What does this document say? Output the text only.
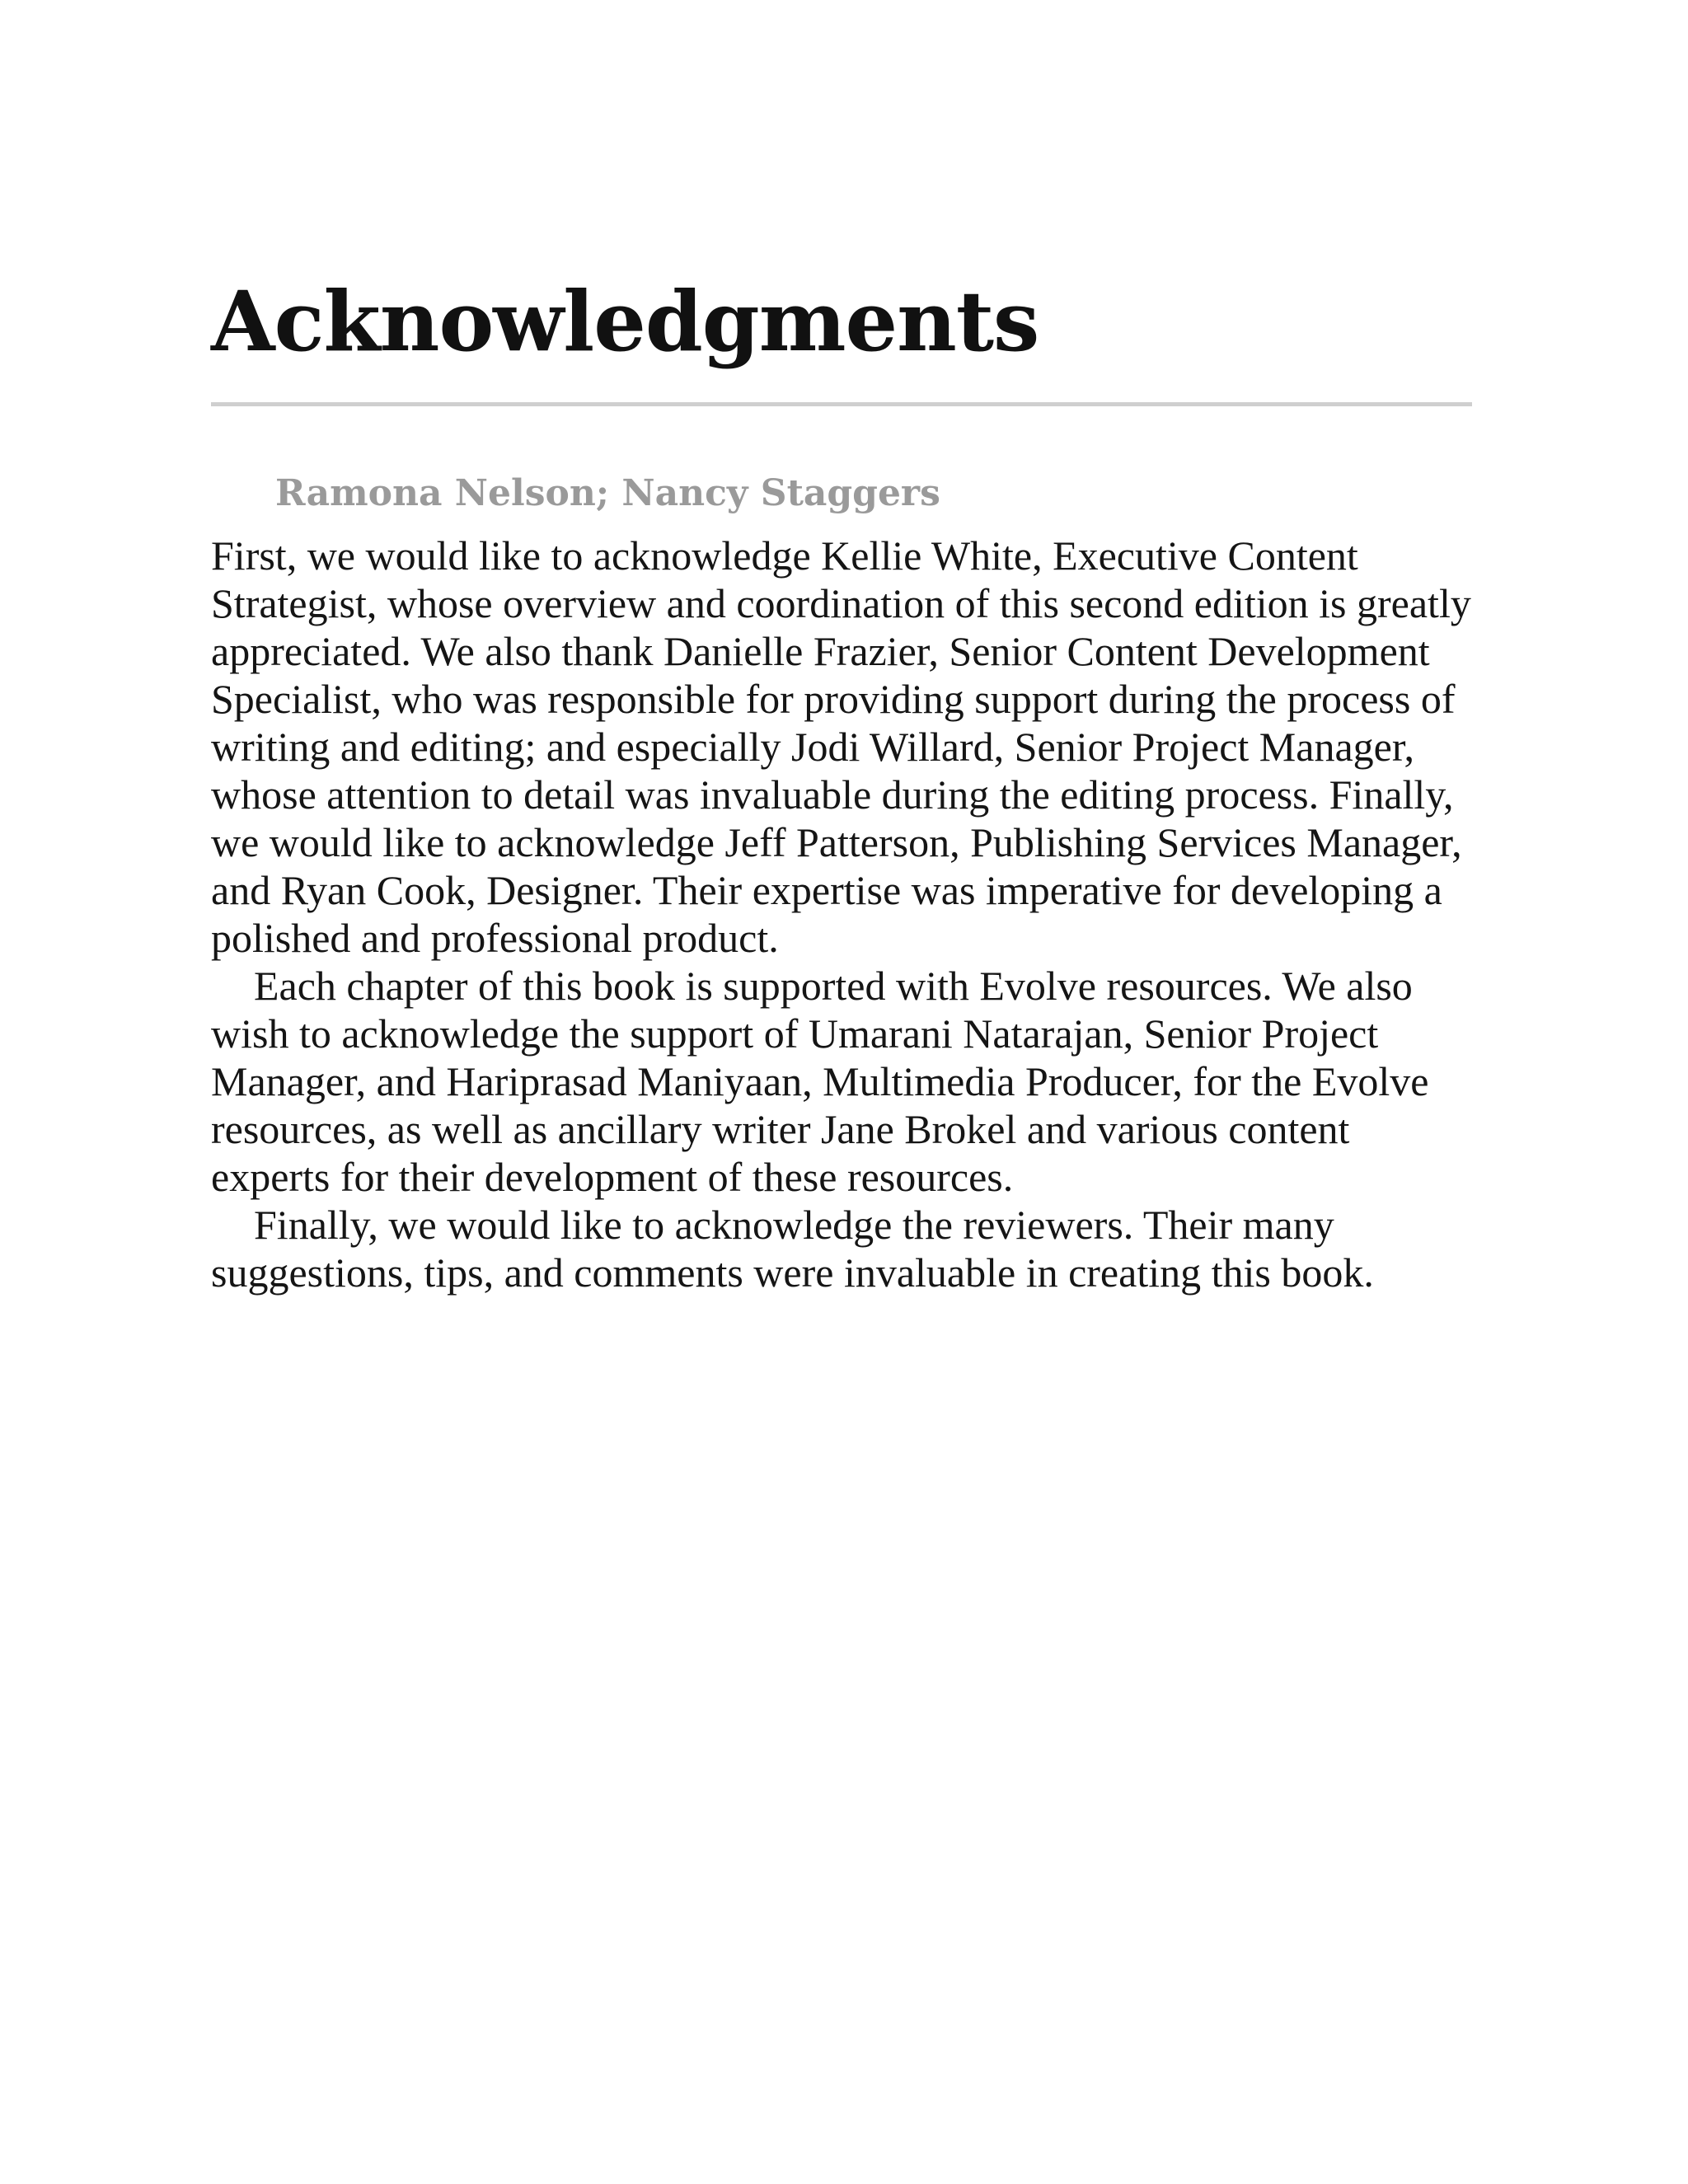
Acknowledgments
Ramona Nelson; Nancy Staggers

First, we would like to acknowledge Kellie White, Executive Content Strategist, whose overview and coordination of this second edition is greatly appreciated. We also thank Danielle Frazier, Senior Content Development Specialist, who was responsible for providing support during the process of writing and editing; and especially Jodi Willard, Senior Project Manager, whose attention to detail was invaluable during the editing process. Finally, we would like to acknowledge Jeff Patterson, Publishing Services Manager, and Ryan Cook, Designer. Their expertise was imperative for developing a polished and professional product.

Each chapter of this book is supported with Evolve resources. We also wish to acknowledge the support of Umarani Natarajan, Senior Project Manager, and Hariprasad Maniyaan, Multimedia Producer, for the Evolve resources, as well as ancillary writer Jane Brokel and various content experts for their development of these resources.

Finally, we would like to acknowledge the reviewers. Their many suggestions, tips, and comments were invaluable in creating this book.
